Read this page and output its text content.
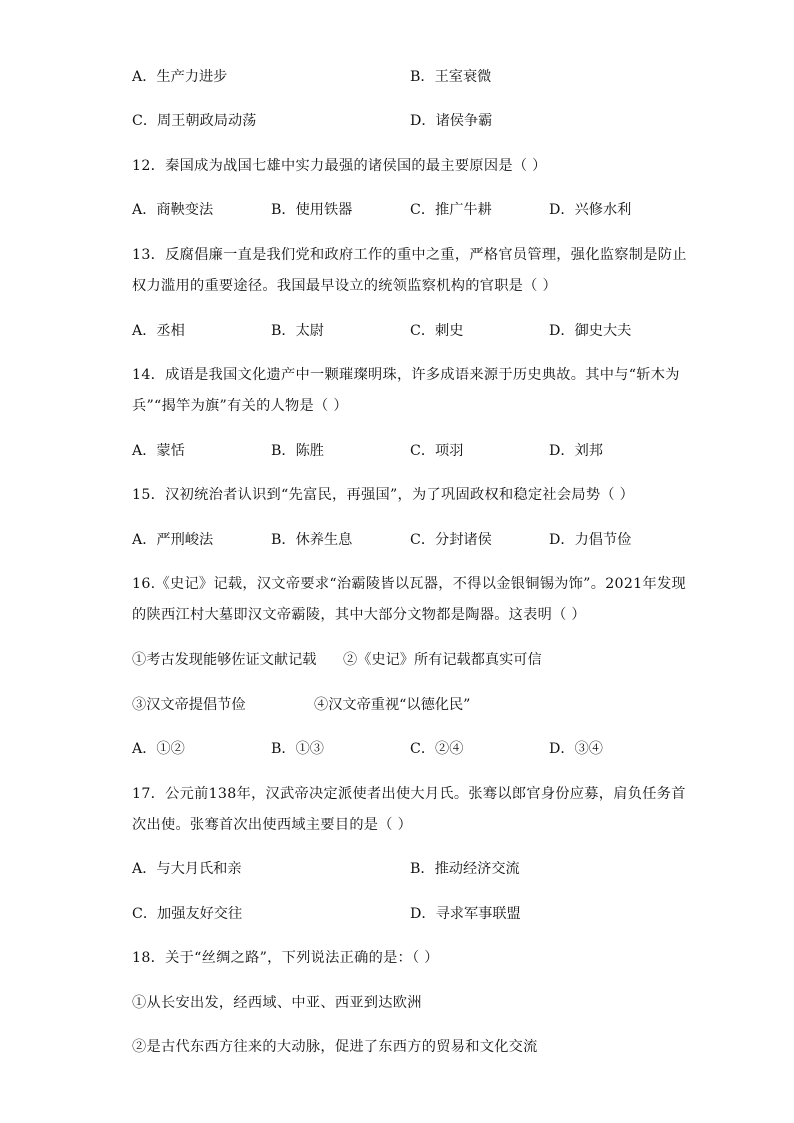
A．生产力进步	B．王室衰微
C．周王朝政局动荡	D．诸侯争霸
12．秦国成为战国七雄中实力最强的诸侯国的最主要原因是（ ）
A．商鞅变法	B．使用铁器	C．推广牛耕	D．兴修水利
13．反腐倡廉一直是我们党和政府工作的重中之重，严格官员管理，强化监察制是防止
权力滥用的重要途径。我国最早设立的统领监察机构的官职是（ ）
A．丞相	B．太尉	C．刺史	D．御史大夫
14．成语是我国文化遗产中一颗璀璨明珠，许多成语来源于历史典故。其中与“斩木为
兵”“揭竿为旗”有关的人物是（ ）
A．蒙恬	B．陈胜	C．项羽	D．刘邦
15．汉初统治者认识到“先富民，再强国”，为了巩固政权和稳定社会局势（ ）
A．严刑峻法	B．休养生息	C．分封诸侯	D．力倡节俭
16.《史记》记载，汉文帝要求“治霸陵皆以瓦器，不得以金银铜锡为饰”。2021年发现
的陕西江村大墓即汉文帝霸陵，其中大部分文物都是陶器。这表明（ ）
①考古发现能够佐证文献记载 ②《史记》所有记载都真实可信
③汉文帝提倡节俭	④汉文帝重视“以德化民”
A．①②	B．①③	C．②④	D．③④
17．公元前138年，汉武帝决定派使者出使大月氏。张骞以郎官身份应募，肩负任务首
次出使。张骞首次出使西域主要目的是（ ）
A．与大月氏和亲	B．推动经济交流
C．加强友好交往	D．寻求军事联盟
18．关于“丝绸之路”，下列说法正确的是：（ ）
①从长安出发，经西域、中亚、西亚到达欧洲
②是古代东西方往来的大动脉，促进了东西方的贸易和文化交流
